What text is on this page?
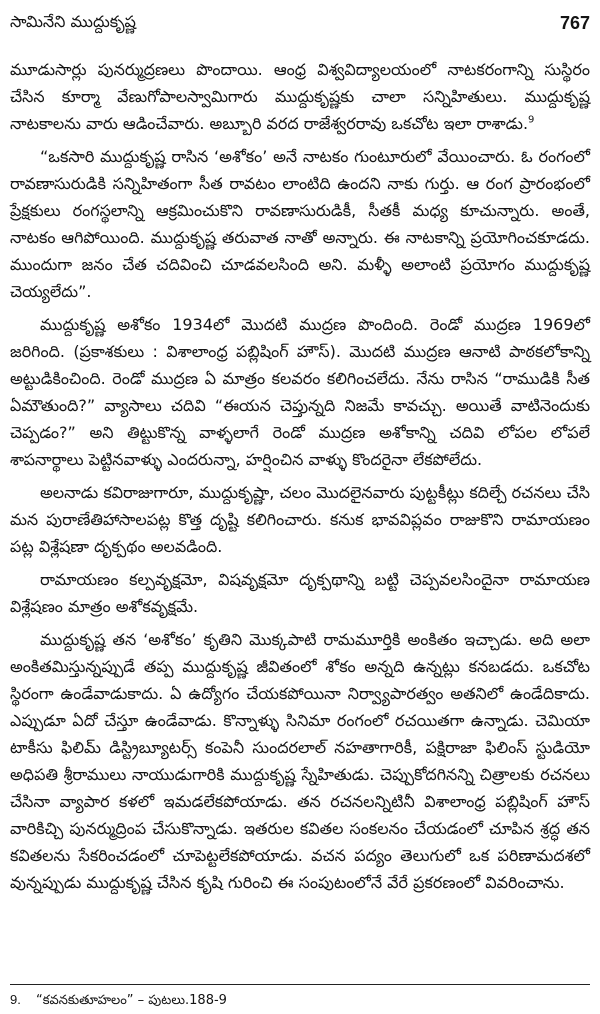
సామినేని ముద్దుకృష్ణ	767

మూడుసార్లు పునర్ముద్రణలు పొందాయి. ఆంధ్ర విశ్వవిద్యాలయంలో నాటకరంగాన్ని సుస్థిరం చేసిన కూర్మా వేణుగోపాలస్వామిగారు ముద్దుకృష్ణకు చాలా సన్నిహితులు. ముద్దుకృష్ణ నాటకాలను వారు ఆడించేవారు. అబ్బూరి వరద రాజేశ్వరరావు ఒకచోట ఇలా రాశాడు.$^9$

“ఒకసారి ముద్దుకృష్ణ రాసిన ‘అశోకం’ అనే నాటకం గుంటూరులో వేయించారు. ఓ రంగంలో రావణాసురుడికి సన్నిహితంగా సీత రావటం లాంటిది ఉందని నాకు గుర్తు. ఆ రంగ ప్రారంభంలో ప్రేక్షకులు రంగస్థలాన్ని ఆక్రమించుకొని రావణాసురుడికీ, సీతకీ మధ్య కూచున్నారు. అంతే, నాటకం ఆగిపోయింది. ముద్దుకృష్ణ తరువాత నాతో అన్నారు. ఈ నాటకాన్ని ప్రయోగించకూడదు. ముందుగా జనం చేత చదివించి చూడవలసింది అని. మళ్ళీ అలాంటి ప్రయోగం ముద్దుకృష్ణ చెయ్యలేదు”.

ముద్దుకృష్ణ అశోకం 1934లో మొదటి ముద్రణ పొందింది. రెండో ముద్రణ 1969లో జరిగింది. (ప్రకాశకులు : విశాలాంధ్ర పబ్లిషింగ్ హౌస్). మొదటి ముద్రణ ఆనాటి పాఠకలోకాన్ని అట్టుడికించింది. రెండో ముద్రణ ఏ మాత్రం కలవరం కలిగించలేదు. నేను రాసిన “రాముడికి సీత ఏమౌతుంది?” వ్యాసాలు చదివి “ఈయన చెప్తున్నది నిజమే కావచ్చు. అయితే వాటినెందుకు చెప్పడం?” అని తిట్టుకొన్న వాళ్ళలాగే రెండో ముద్రణ అశోకాన్ని చదివి లోపల లోపలే శాపనార్థాలు పెట్టినవాళ్ళు ఎందరున్నా, హర్షించిన వాళ్ళు కొందరైనా లేకపోలేదు.

అలనాడు కవిరాజుగారూ, ముద్దుకృష్ణా, చలం మొదలైనవారు పుట్టకీట్లు కదిల్చే రచనలు చేసి మన పురాణేతిహాసాలపట్ల కొత్త దృష్టి కలిగించారు. కనుక భావవిప్లవం రాజుకొని రామాయణం పట్ల విశ్లేషణా దృక్పథం అలవడింది.

రామాయణం కల్పవృక్షమో, విషవృక్షమో దృక్పథాన్ని బట్టి చెప్పవలసిందైనా రామాయణ విశ్లేషణం మాత్రం అశోకవృక్షమే.

ముద్దుకృష్ణ తన ‘అశోకం’ కృతిని మొక్కపాటి రామమూర్తికి అంకితం ఇచ్చాడు. అది అలా అంకితమిస్తున్నప్పుడే తప్ప ముద్దుకృష్ణ జీవితంలో శోకం అన్నది ఉన్నట్లు కనబడదు. ఒకచోట స్థిరంగా ఉండేవాడుకాదు. ఏ ఉద్యోగం చేయకపోయినా నిర్వ్యాపారత్వం అతనిలో ఉండేదికాదు. ఎప్పుడూ ఏదో చేస్తూ ఉండేవాడు. కొన్నాళ్ళు సినిమా రంగంలో రచయితగా ఉన్నాడు. చెమియా టాకీసు ఫిలిమ్ డిస్ట్రిబ్యూటర్స్ కంపెనీ సుందరలాల్ నహతాగారికీ, పక్షిరాజా ఫిలింస్ స్టుడియో అధిపతి శ్రీరాములు నాయుడుగారికి ముద్దుకృష్ణ స్నేహితుడు. చెప్పుకోదగినన్ని చిత్రాలకు రచనలు చేసినా వ్యాపార కళలో ఇమడలేకపోయాడు. తన రచనలన్నిటినీ విశాలాంధ్ర పబ్లిషింగ్ హౌస్ వారికిచ్చి పునర్ముద్రింప చేసుకొన్నాడు. ఇతరుల కవితల సంకలనం చేయడంలో చూపిన శ్రద్ధ తన కవితలను సేకరించడంలో చూపెట్టలేకపోయాడు. వచన పద్యం తెలుగులో ఒక పరిణామదశలో వున్నప్పుడు ముద్దుకృష్ణ చేసిన కృషి గురించి ఈ సంపుటంలోనే వేరే ప్రకరణంలో వివరించాను.

9. “కవనకుతూహలం” – పుటలు.188-9
